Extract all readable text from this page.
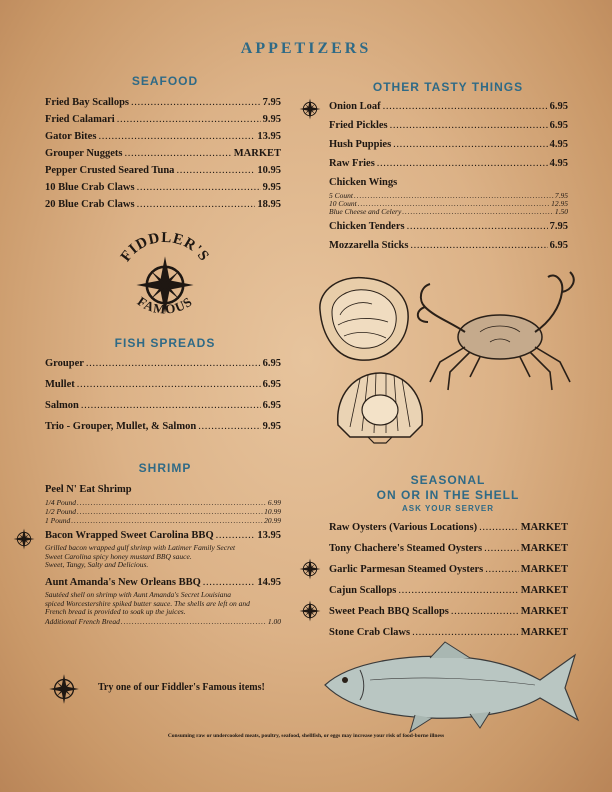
APPETIZERS
SEAFOOD
Fried Bay Scallops . . .	7.95
Fried Calamari . . .	9.95
Gator Bites . . .	13.95
Grouper Nuggets . . .	MARKET
Pepper Crusted Seared Tuna . . .	10.95
10 Blue Crab Claws . . .	9.95
20 Blue Crab Claws . . .	18.95
FIDDLER'S
FAMOUS
FISH SPREADS
Grouper . . .	6.95
Mullet . . .	6.95
Salmon . . .	6.95
Trio - Grouper, Mullet, & Salmon . . .	9.95
SHRIMP
Peel N' Eat Shrimp
1/4 Pound . . .	6.99
1/2 Pound . . .	10.99
1 Pound . . .	20.99
Bacon Wrapped Sweet Carolina BBQ . . .	13.95
Grilled bacon wrapped gulf shrimp with Latimer Family Secret
Sweet Carolina spicy honey mustard BBQ sauce.
Sweet, Tangy, Salty and Delicious.
Aunt Amanda's New Orleans BBQ . . .	14.95
Sautéed shell on shrimp with Aunt Amanda's Secret Louisiana
spiced Worcestershire spiked butter sauce. The shells are left on and
French bread is provided to soak up the juices.
Additional French Bread . . .	1.00
Try one of our Fiddler's Famous items!
OTHER TASTY THINGS
Onion Loaf . . .	6.95
Fried Pickles . . .	6.95
Hush Puppies . . .	4.95
Raw Fries . . .	4.95
Chicken Wings
5 Count . . .	7.95
10 Count . . .	12.95
Blue Cheese and Celery . . .	1.50
Chicken Tenders . . .	7.95
Mozzarella Sticks . . .	6.95
SEASONAL
ON OR IN THE SHELL
ASK YOUR SERVER
Raw Oysters (Various Locations) . . .	MARKET
Tony Chachere's Steamed Oysters . . .	MARKET
Garlic Parmesan Steamed Oysters . . .	MARKET
Cajun Scallops . . .	MARKET
Sweet Peach BBQ Scallops . . .	MARKET
Stone Crab Claws . . .	MARKET
Consuming raw or undercooked meats, poultry, seafood, shellfish, or eggs may increase your risk of food-borne illness
